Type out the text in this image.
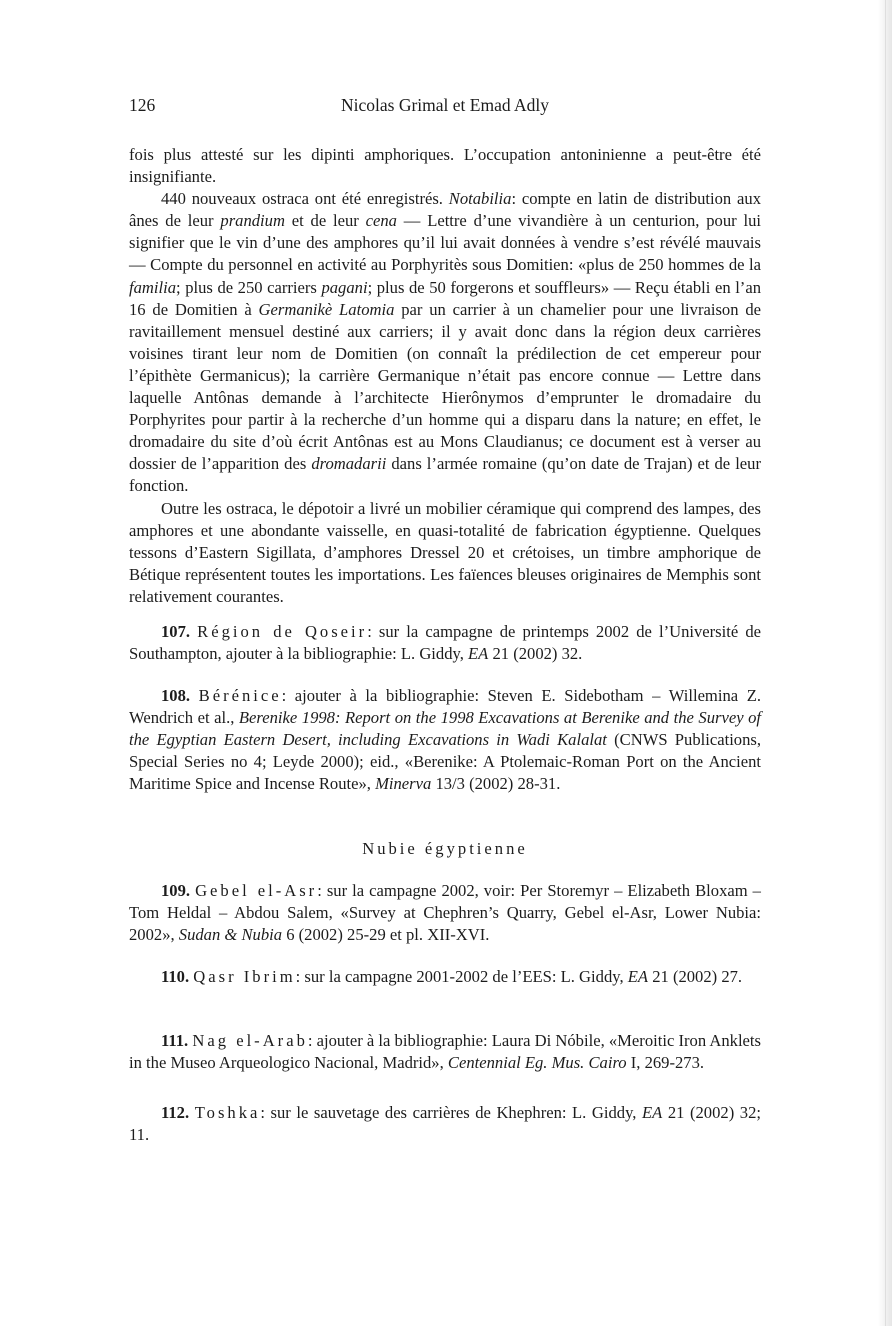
126	Nicolas Grimal et Emad Adly

fois plus attesté sur les dipinti amphoriques. L’occupation antoninienne a peut-être été insignifiante.

440 nouveaux ostraca ont été enregistrés. Notabilia: compte en latin de distribution aux ânes de leur prandium et de leur cena — Lettre d’une vivandière à un centurion, pour lui signifier que le vin d’une des amphores qu’il lui avait données à vendre s’est révélé mauvais — Compte du personnel en activité au Porphyritès sous Domitien: «plus de 250 hommes de la familia; plus de 250 carriers pagani; plus de 50 forgerons et souffleurs» — Reçu établi en l’an 16 de Domitien à Germanikè Latomia par un carrier à un chamelier pour une livraison de ravitaillement mensuel destiné aux carriers; il y avait donc dans la région deux carrières voisines tirant leur nom de Domitien (on connaît la prédilection de cet empereur pour l’épithète Germanicus); la carrière Germanique n’était pas encore connue — Lettre dans laquelle Antônas demande à l’architecte Hierônymos d’emprunter le dromadaire du Porphyrites pour partir à la recherche d’un homme qui a disparu dans la nature; en effet, le dromadaire du site d’où écrit Antônas est au Mons Claudianus; ce document est à verser au dossier de l’apparition des dromadarii dans l’armée romaine (qu’on date de Trajan) et de leur fonction.

Outre les ostraca, le dépotoir a livré un mobilier céramique qui comprend des lampes, des amphores et une abondante vaisselle, en quasi-totalité de fabrication égyptienne. Quelques tessons d’Eastern Sigillata, d’amphores Dressel 20 et crétoises, un timbre amphorique de Bétique représentent toutes les importations. Les faïences bleuses originaires de Memphis sont relativement courantes.

107. Région de Qoseir: sur la campagne de printemps 2002 de l’Université de Southampton, ajouter à la bibliographie: L. Giddy, EA 21 (2002) 32.

108. Bérénice: ajouter à la bibliographie: Steven E. Sidebotham – Willemina Z. Wendrich et al., Berenike 1998: Report on the 1998 Excavations at Berenike and the Survey of the Egyptian Eastern Desert, including Excavations in Wadi Kalalat (CNWS Publications, Special Series no 4; Leyde 2000); eid., «Berenike: A Ptolemaic-Roman Port on the Ancient Maritime Spice and Incense Route», Minerva 13/3 (2002) 28-31.

Nubie égyptienne

109. Gebel el-Asr: sur la campagne 2002, voir: Per Storemyr – Elizabeth Bloxam – Tom Heldal – Abdou Salem, «Survey at Chephren’s Quarry, Gebel el-Asr, Lower Nubia: 2002», Sudan & Nubia 6 (2002) 25-29 et pl. XII-XVI.

110. Qasr Ibrim: sur la campagne 2001-2002 de l’EES: L. Giddy, EA 21 (2002) 27.

111. Nag el-Arab: ajouter à la bibliographie: Laura Di Nóbile, «Meroitic Iron Anklets in the Museo Arqueologico Nacional, Madrid», Centennial Eg. Mus. Cairo I, 269-273.

112. Toshka: sur le sauvetage des carrières de Khephren: L. Giddy, EA 21 (2002) 32; 11.
